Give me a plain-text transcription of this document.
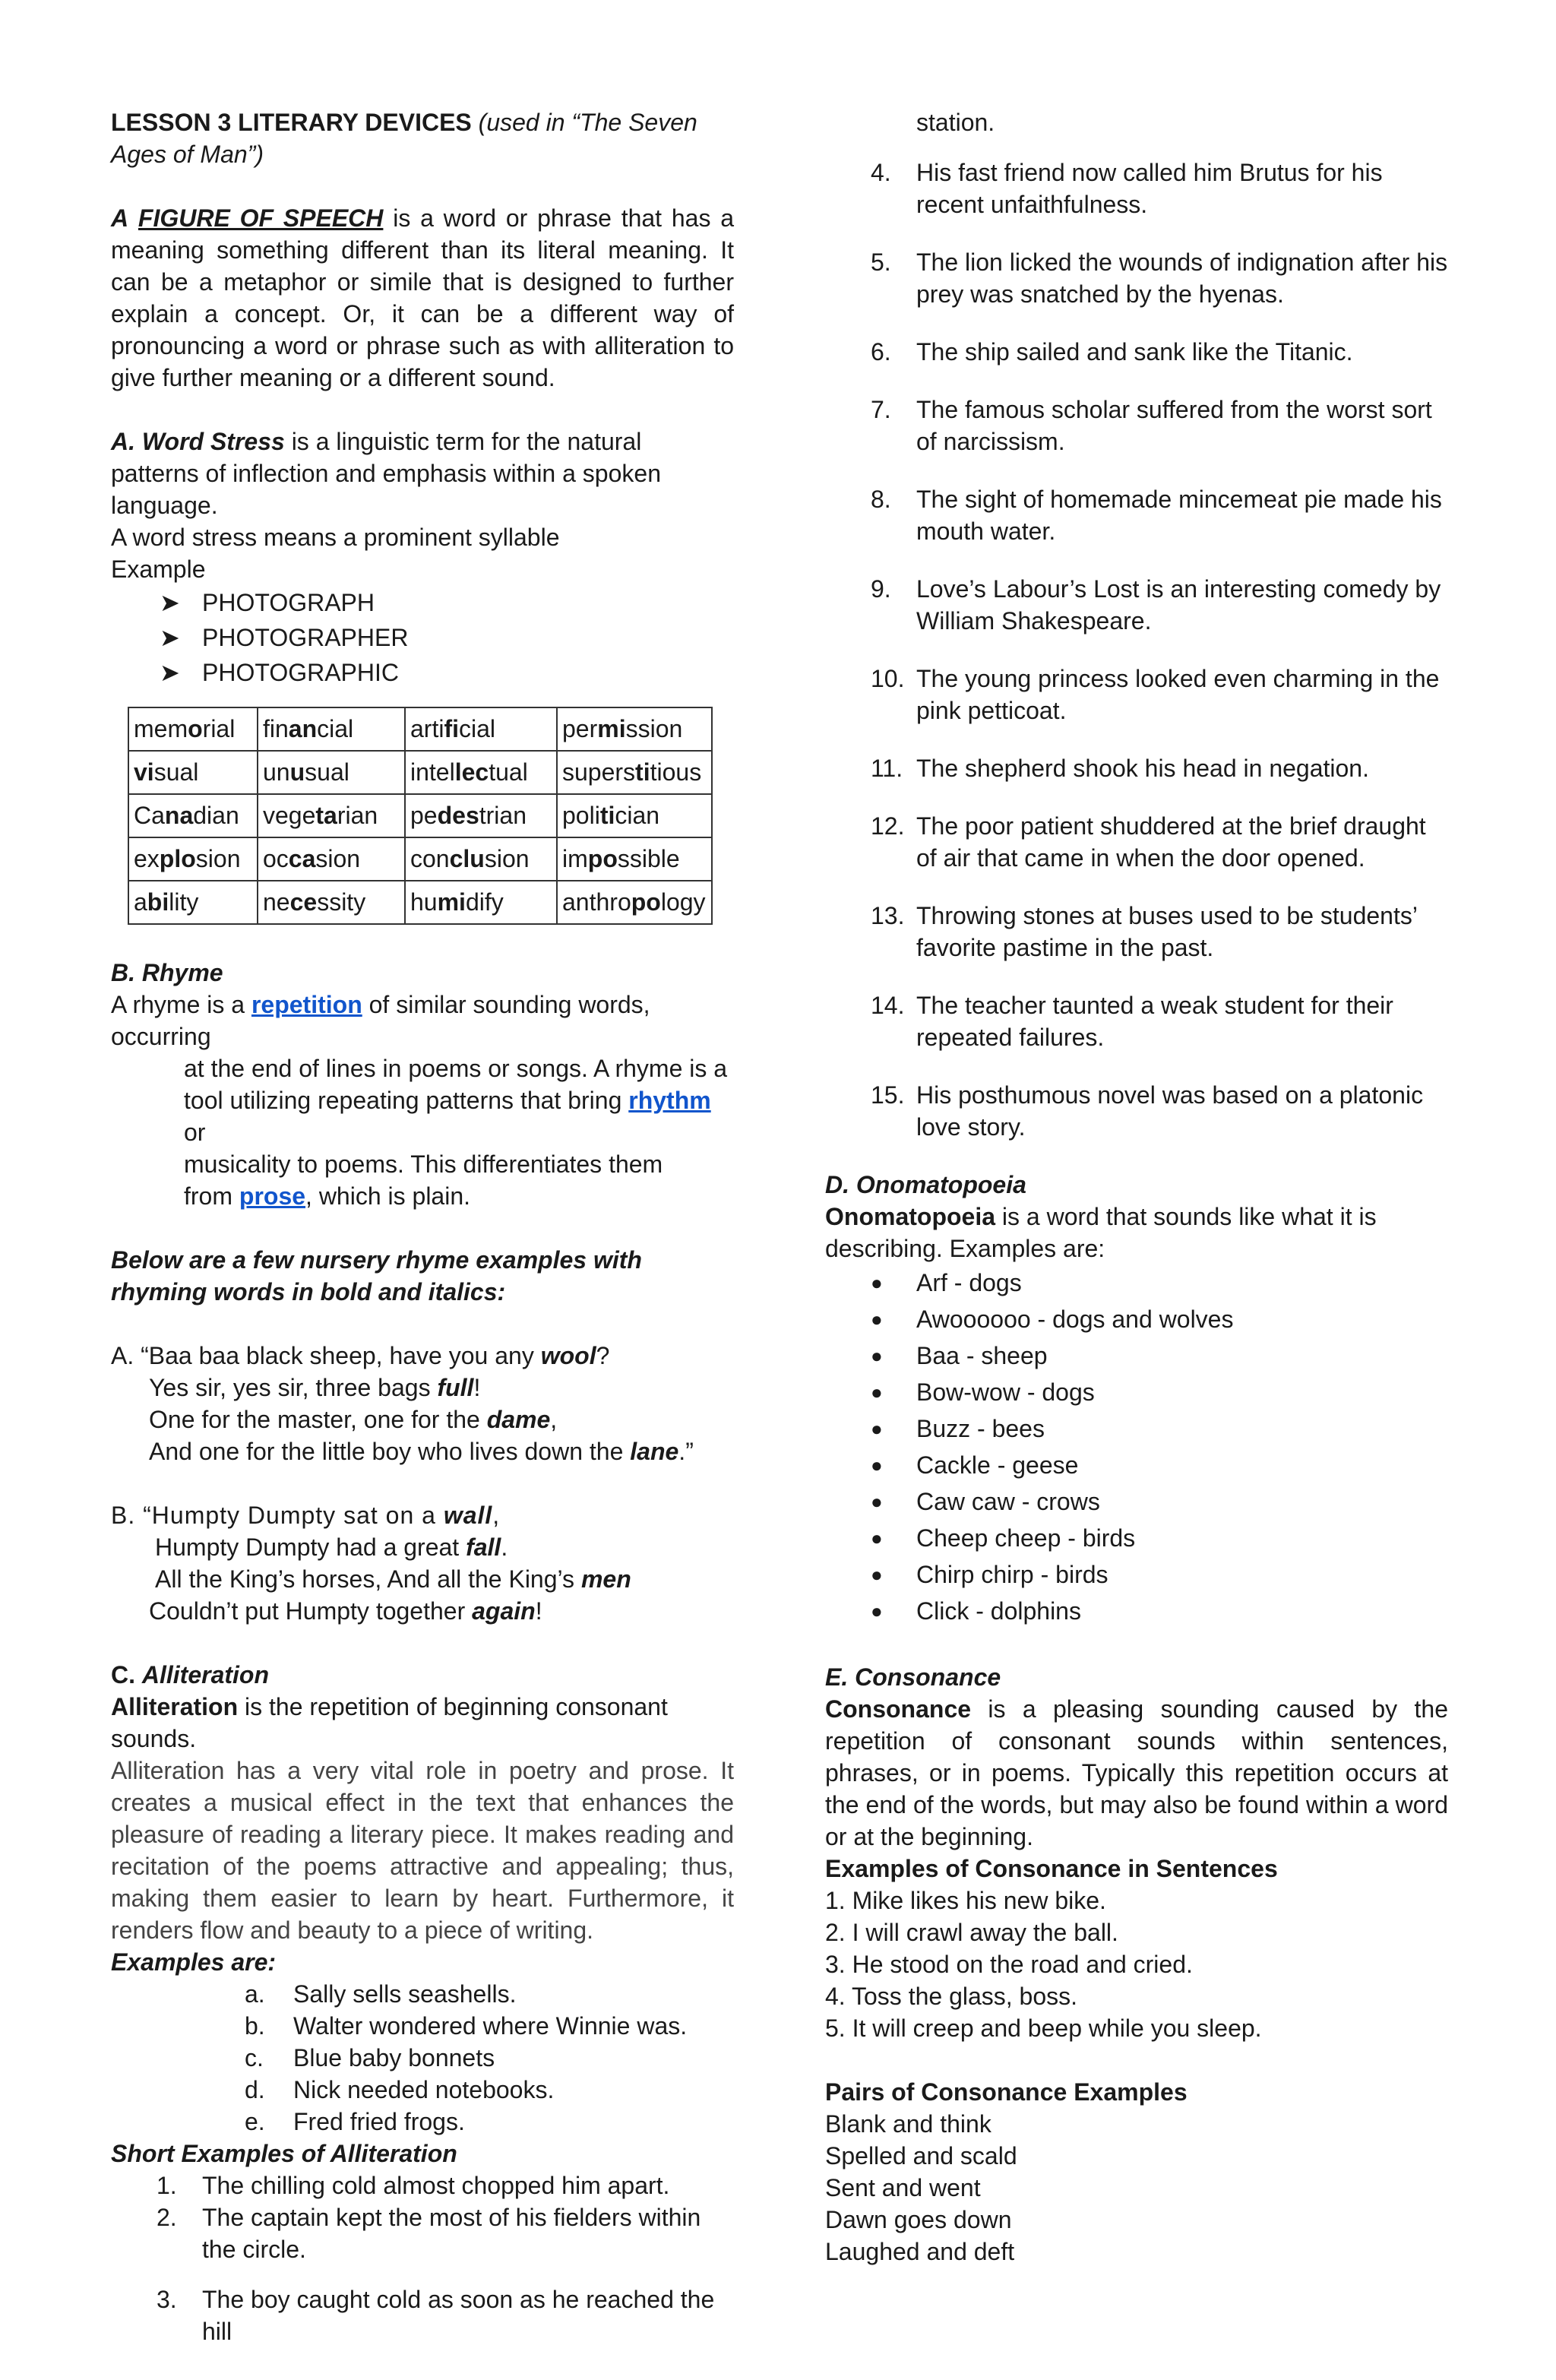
LESSON 3 LITERARY DEVICES (used in “The Seven Ages of Man”)

A FIGURE OF SPEECH is a word or phrase that has a meaning something different than its literal meaning. It can be a metaphor or simile that is designed to further explain a concept. Or, it can be a different way of pronouncing a word or phrase such as with alliteration to give further meaning or a different sound.

A. Word Stress is a linguistic term for the natural patterns of inflection and emphasis within a spoken language.

A word stress means a prominent syllable

Example

➤ PHOTOGRAPH
➤ PHOTOGRAPHER
➤ PHOTOGRAPHIC
memorial	financial	artificial	permission
visual	unusual	intellectual	superstitious
Canadian	vegetarian	pedestrian	politician
explosion	occasion	conclusion	impossible
ability	necessity	humidify	anthropology

B. Rhyme

A rhyme is a repetition of similar sounding words, occurring

at the end of lines in poems or songs. A rhyme is a

tool utilizing repeating patterns that bring rhythm or

musicality to poems. This differentiates them

from prose, which is plain.

Below are a few nursery rhyme examples with rhyming words in bold and italics:

A. “Baa baa black sheep, have you any wool?

Yes sir, yes sir, three bags full!

One for the master, one for the dame,

And one for the little boy who lives down the lane.”

B. “Humpty Dumpty sat on a wall,

Humpty Dumpty had a great fall.

All the King’s horses, And all the King’s men

Couldn’t put Humpty together again!

C. Alliteration

Alliteration is the repetition of beginning consonant sounds.

Alliteration has a very vital role in poetry and prose. It creates a musical effect in the text that enhances the pleasure of reading a literary piece. It makes reading and recitation of the poems attractive and appealing; thus, making them easier to learn by heart. Furthermore, it renders flow and beauty to a piece of writing.

Examples are:

a.	Sally sells seashells.
b.	Walter wondered where Winnie was.
c.	Blue baby bonnets
d.	Nick needed notebooks.
e.	Fred fried frogs.

Short Examples of Alliteration

1.	The chilling cold almost chopped him apart.
2.	The captain kept the most of his fielders within the circle.
3.	The boy caught cold as soon as he reached the hill

station.

4.	His fast friend now called him Brutus for his recent unfaithfulness.
5.	The lion licked the wounds of indignation after his prey was snatched by the hyenas.
6.	The ship sailed and sank like the Titanic.
7.	The famous scholar suffered from the worst sort of narcissism.
8.	The sight of homemade mincemeat pie made his mouth water.
9.	Love’s Labour’s Lost is an interesting comedy by William Shakespeare.
10. The young princess looked even charming in the pink petticoat.
11. The shepherd shook his head in negation.
12. The poor patient shuddered at the brief draught of air that came in when the door opened.
13. Throwing stones at buses used to be students’ favorite pastime in the past.
14. The teacher taunted a weak student for their repeated failures.
15. His posthumous novel was based on a platonic love story.

D. Onomatopoeia

Onomatopoeia is a word that sounds like what it is describing. Examples are:

● Arf - dogs
● Awoooooo - dogs and wolves
● Baa - sheep
● Bow-wow - dogs
● Buzz - bees
● Cackle - geese
● Caw caw - crows
● Cheep cheep - birds
● Chirp chirp - birds
● Click - dolphins

E. Consonance

Consonance is a pleasing sounding caused by the repetition of consonant sounds within sentences, phrases, or in poems. Typically this repetition occurs at the end of the words, but may also be found within a word or at the beginning.

Examples of Consonance in Sentences

1. Mike likes his new bike.

2. I will crawl away the ball.

3. He stood on the road and cried.

4. Toss the glass, boss.

5. It will creep and beep while you sleep.

Pairs of Consonance Examples

Blank and think

Spelled and scald

Sent and went

Dawn goes down

Laughed and deft
